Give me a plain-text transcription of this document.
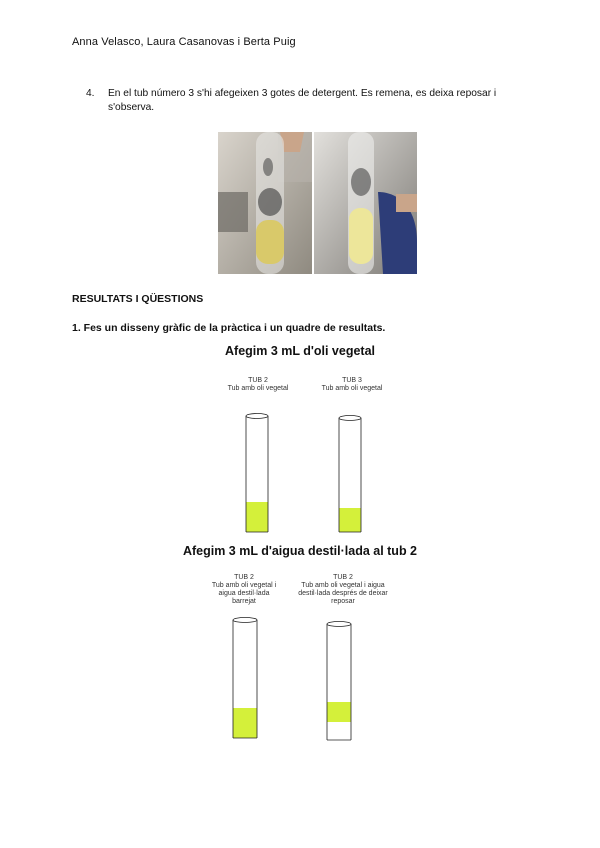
Anna Velasco, Laura Casanovas i Berta Puig
4. En el tub número 3 s'hi afegeixen 3 gotes de detergent. Es remena, es deixa reposar i s'observa.
RESULTATS I QÜESTIONS
1. Fes un disseny gràfic de la pràctica i un quadre de resultats.
Afegim 3 mL d'oli vegetal
TUB 2
Tub amb oli vegetal
TUB 3
Tub amb oli vegetal
Afegim 3 mL d'aigua destil·lada al tub 2
TUB 2
Tub amb oli vegetal i aigua destil·lada barrejat
TUB 2
Tub amb oli vegetal i aigua destil·lada després de deixar reposar
